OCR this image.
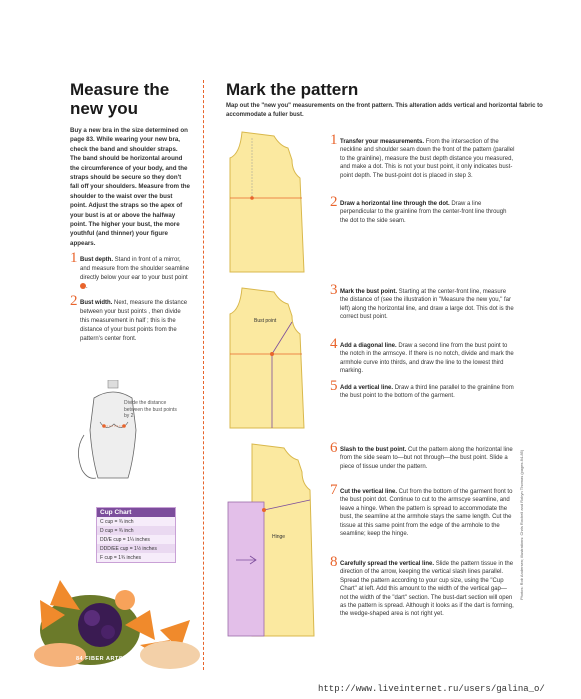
Measure the
new you
Buy a new bra in the size determined on page 83. While wearing your new bra, check the band and shoulder straps. The band should be horizontal around the circumference of your body, and the straps should be secure so they don't fall off your shoulders. Measure from the shoulder to the waist over the bust point. Adjust the straps so the apex of your bust is at or above the halfway point. The higher your bust, the more youthful (and thinner) your figure appears.
1 Bust depth. Stand in front of a mirror, and measure from the shoulder seamline directly below your ear to your bust point .
2 Bust width. Next, measure the distance between your bust points , then divide this measurement in half ; this is the distance of your bust points from the pattern's center front.
Divide the distance between the bust points by 2.
Cup Chart
C cup = ¾ inch
D cup = ¾ inch
DD/E cup = 1¼ inches
DDD/EE cup = 1½ inches
F cup = 1¾ inches
84 FIBER ARTS
Mark the pattern
Map out the "new you" measurements on the front pattern. This alteration adds vertical and horizontal fabric to accommodate a fuller bust.
Bust point
Hinge
1 Transfer your measurements. From the intersection of the neckline and shoulder seam down the front of the pattern (parallel to the grainline), measure the bust depth distance you measured, and make a dot. This is not your bust point, it only indicates bust-point depth. The bust-point dot is placed in step 3.
2 Draw a horizontal line through the dot. Draw a line perpendicular to the grainline from the center-front line through the dot to the side seam.
3 Mark the bust point. Starting at the center-front line, measure the distance of (see the illustration in "Measure the new you," far left) along the horizontal line, and draw a large dot. This dot is the correct bust point.
4 Add a diagonal line. Draw a second line from the bust point to the notch in the armscye. If there is no notch, divide and mark the armhole curve into thirds, and draw the line to the lowest third marking.
5 Add a vertical line. Draw a third line parallel to the grainline from the bust point to the bottom of the garment.
6 Slash to the bust point. Cut the pattern along the horizontal line from the side seam to—but not through—the bust point. Slide a piece of tissue under the pattern.
7 Cut the vertical line. Cut from the bottom of the garment front to the bust point dot. Continue to cut to the armscye seamline, and leave a hinge. When the pattern is spread to accommodate the bust, the seamline at the armhole stays the same length. Cut the tissue at this same point from the edge of the armhole to the seamline; keep the hinge.
8 Carefully spread the vertical line. Slide the pattern tissue in the direction of the arrow, keeping the vertical slash lines parallel. Spread the pattern according to your cup size, using the "Cup Chart" at left. Add this amount to the width of the vertical gap—not the width of the "dart" section. The bust-dart section will open as the pattern is spread. Although it looks as if the dart is forming, the wedge-shaped area is not right yet.
Photos: Rob Andersen; illustrations: Chris Rochell and Robyn Thomas (pages 84-85)
http://www.liveinternet.ru/users/galina_o/
